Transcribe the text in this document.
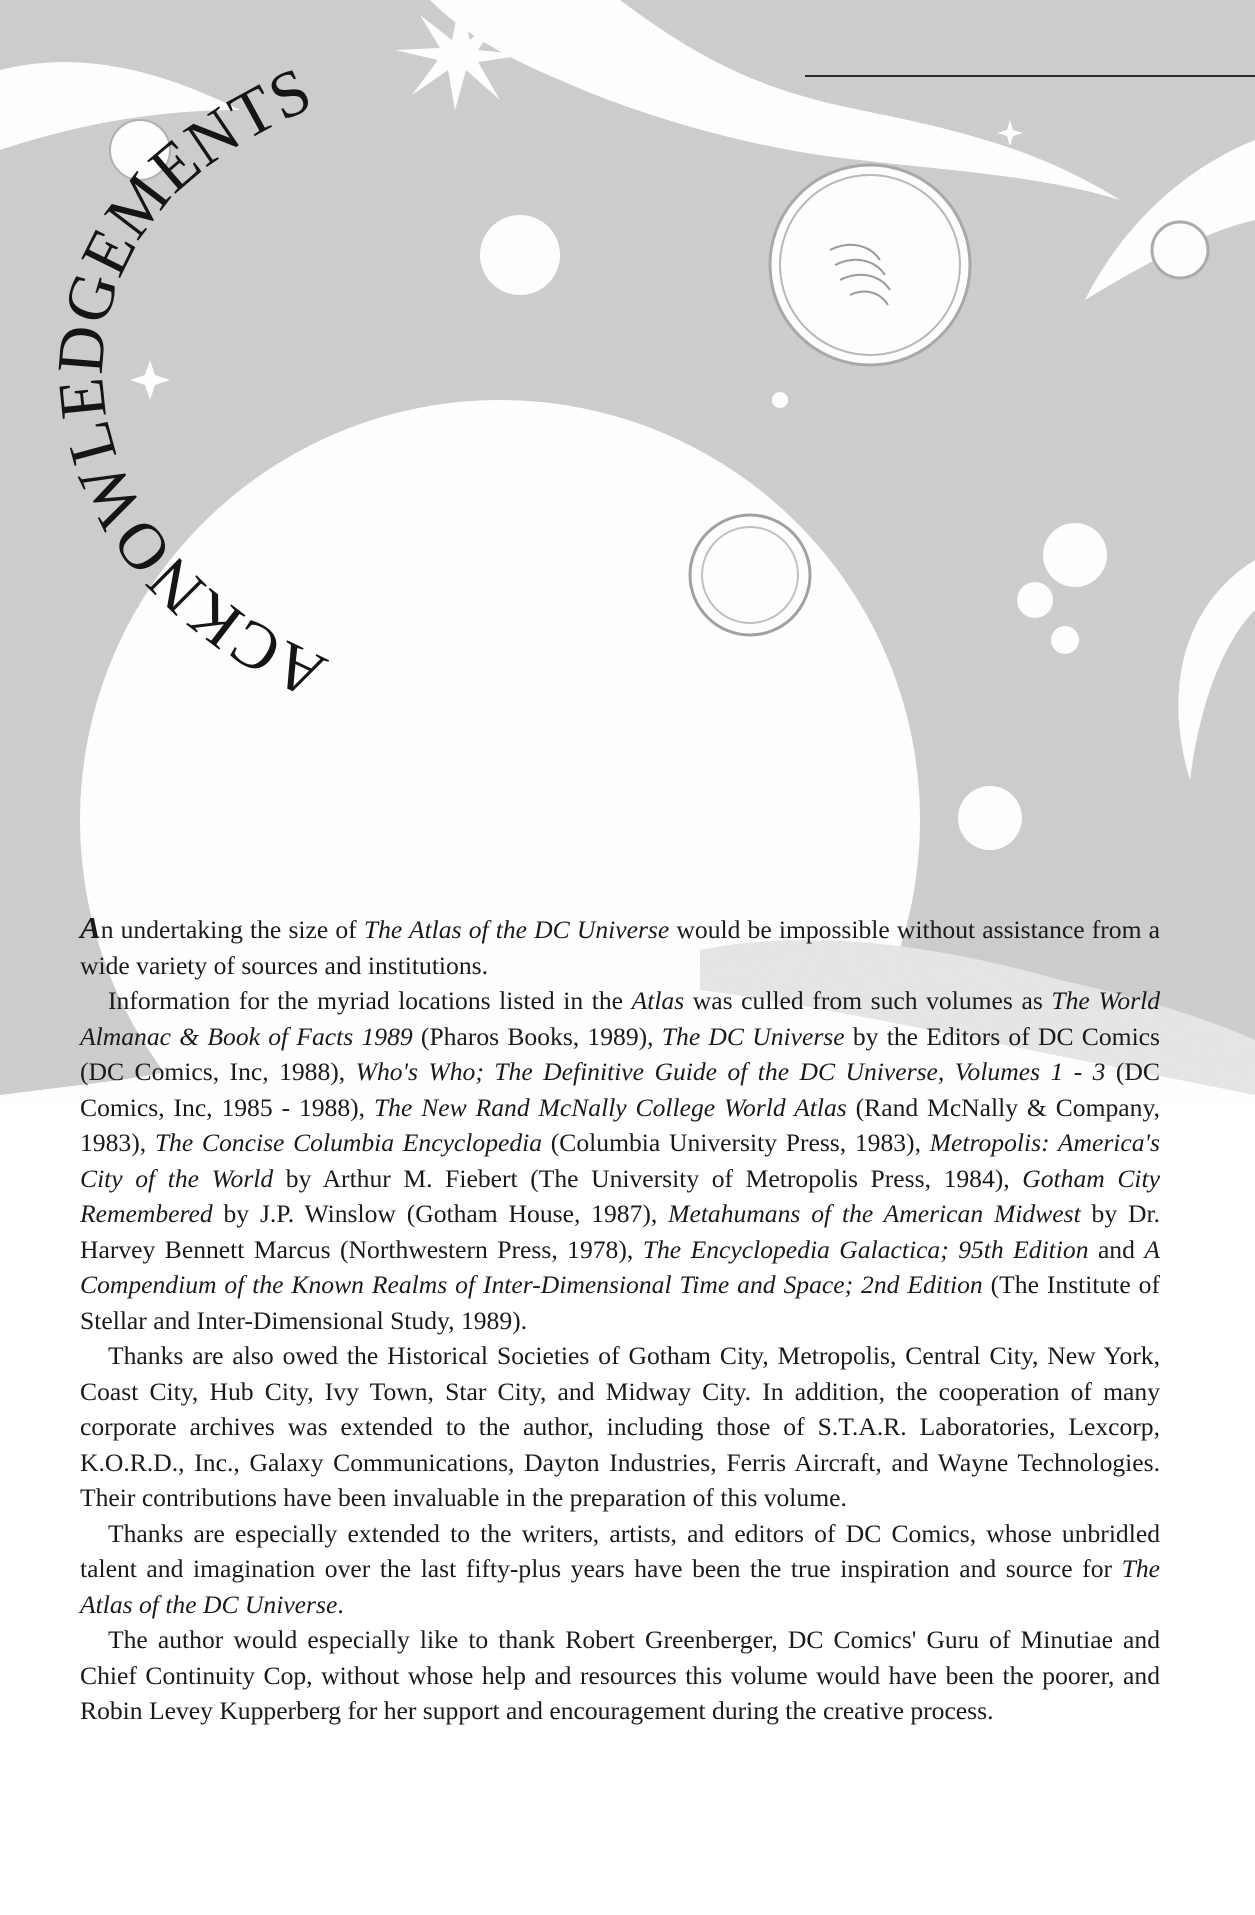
ACKNOWLEDGEMENTS

An undertaking the size of The Atlas of the DC Universe would be impossible without assistance from a wide variety of sources and institutions.

Information for the myriad locations listed in the Atlas was culled from such volumes as The World Almanac & Book of Facts 1989 (Pharos Books, 1989), The DC Universe by the Editors of DC Comics (DC Comics, Inc, 1988), Who's Who; The Definitive Guide of the DC Universe, Volumes 1 - 3 (DC Comics, Inc, 1985 - 1988), The New Rand McNally College World Atlas (Rand McNally & Company, 1983), The Concise Columbia Encyclopedia (Columbia University Press, 1983), Metropolis: America's City of the World by Arthur M. Fiebert (The University of Metropolis Press, 1984), Gotham City Remembered by J.P. Winslow (Gotham House, 1987), Metahumans of the American Midwest by Dr. Harvey Bennett Marcus (Northwestern Press, 1978), The Encyclopedia Galactica; 95th Edition and A Compendium of the Known Realms of Inter-Dimensional Time and Space; 2nd Edition (The Institute of Stellar and Inter-Dimensional Study, 1989).

Thanks are also owed the Historical Societies of Gotham City, Metropolis, Central City, New York, Coast City, Hub City, Ivy Town, Star City, and Midway City. In addition, the cooperation of many corporate archives was extended to the author, including those of S.T.A.R. Laboratories, Lexcorp, K.O.R.D., Inc., Galaxy Communications, Dayton Industries, Ferris Aircraft, and Wayne Technologies. Their contributions have been invaluable in the preparation of this volume.

Thanks are especially extended to the writers, artists, and editors of DC Comics, whose unbridled talent and imagination over the last fifty-plus years have been the true inspiration and source for The Atlas of the DC Universe.

The author would especially like to thank Robert Greenberger, DC Comics' Guru of Minutiae and Chief Continuity Cop, without whose help and resources this volume would have been the poorer, and Robin Levey Kupperberg for her support and encouragement during the creative process.
